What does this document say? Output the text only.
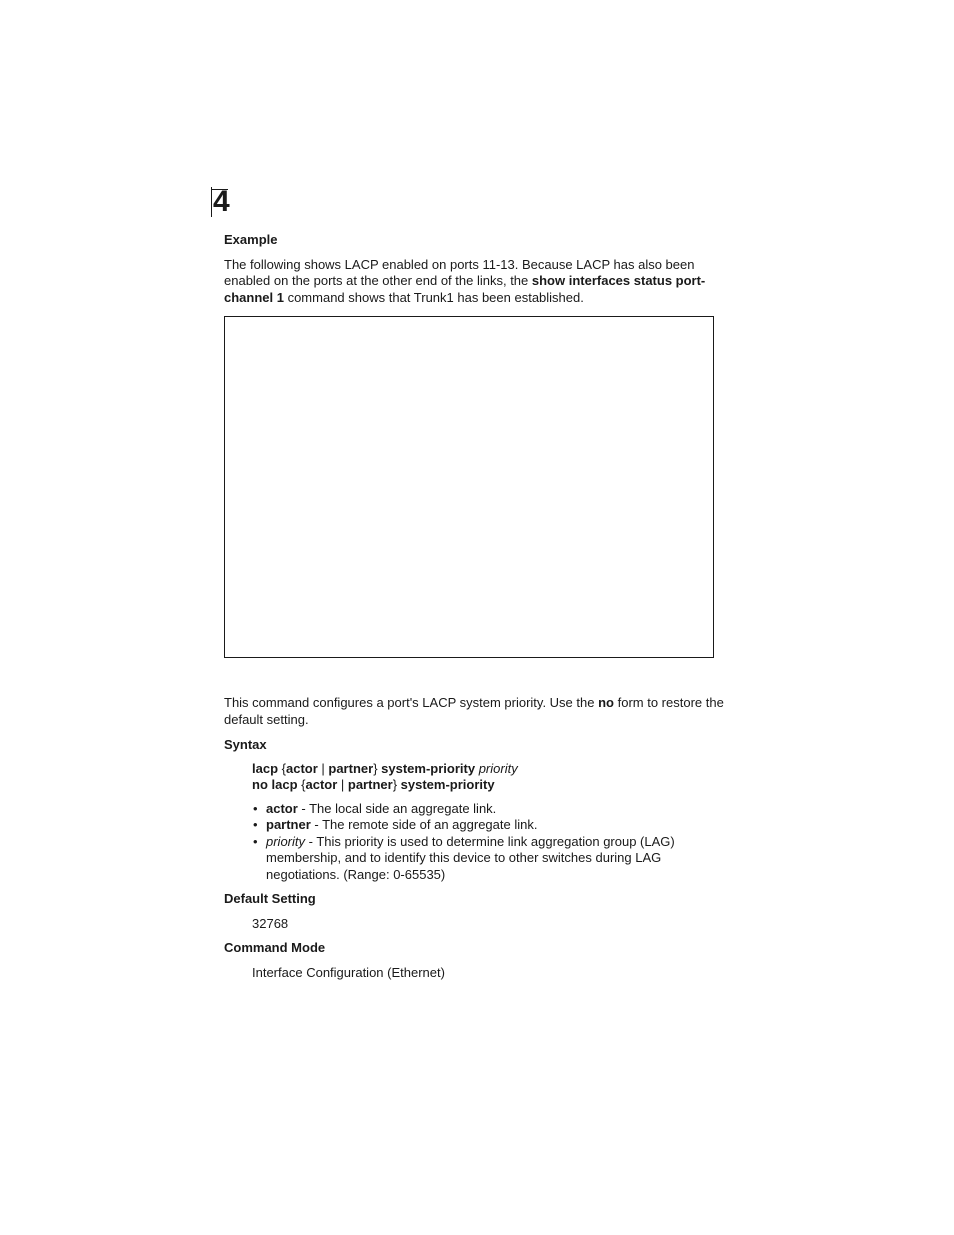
4

Example

The following shows LACP enabled on ports 11-13. Because LACP has also been enabled on the ports at the other end of the links, the show interfaces status port-channel 1 command shows that Trunk1 has been established.

This command configures a port's LACP system priority. Use the no form to restore the default setting.

Syntax

lacp {actor | partner} system-priority priority
no lacp {actor | partner} system-priority
• actor - The local side an aggregate link.
• partner - The remote side of an aggregate link.
• priority - This priority is used to determine link aggregation group (LAG) membership, and to identify this device to other switches during LAG negotiations. (Range: 0-65535)

Default Setting

32768

Command Mode

Interface Configuration (Ethernet)
